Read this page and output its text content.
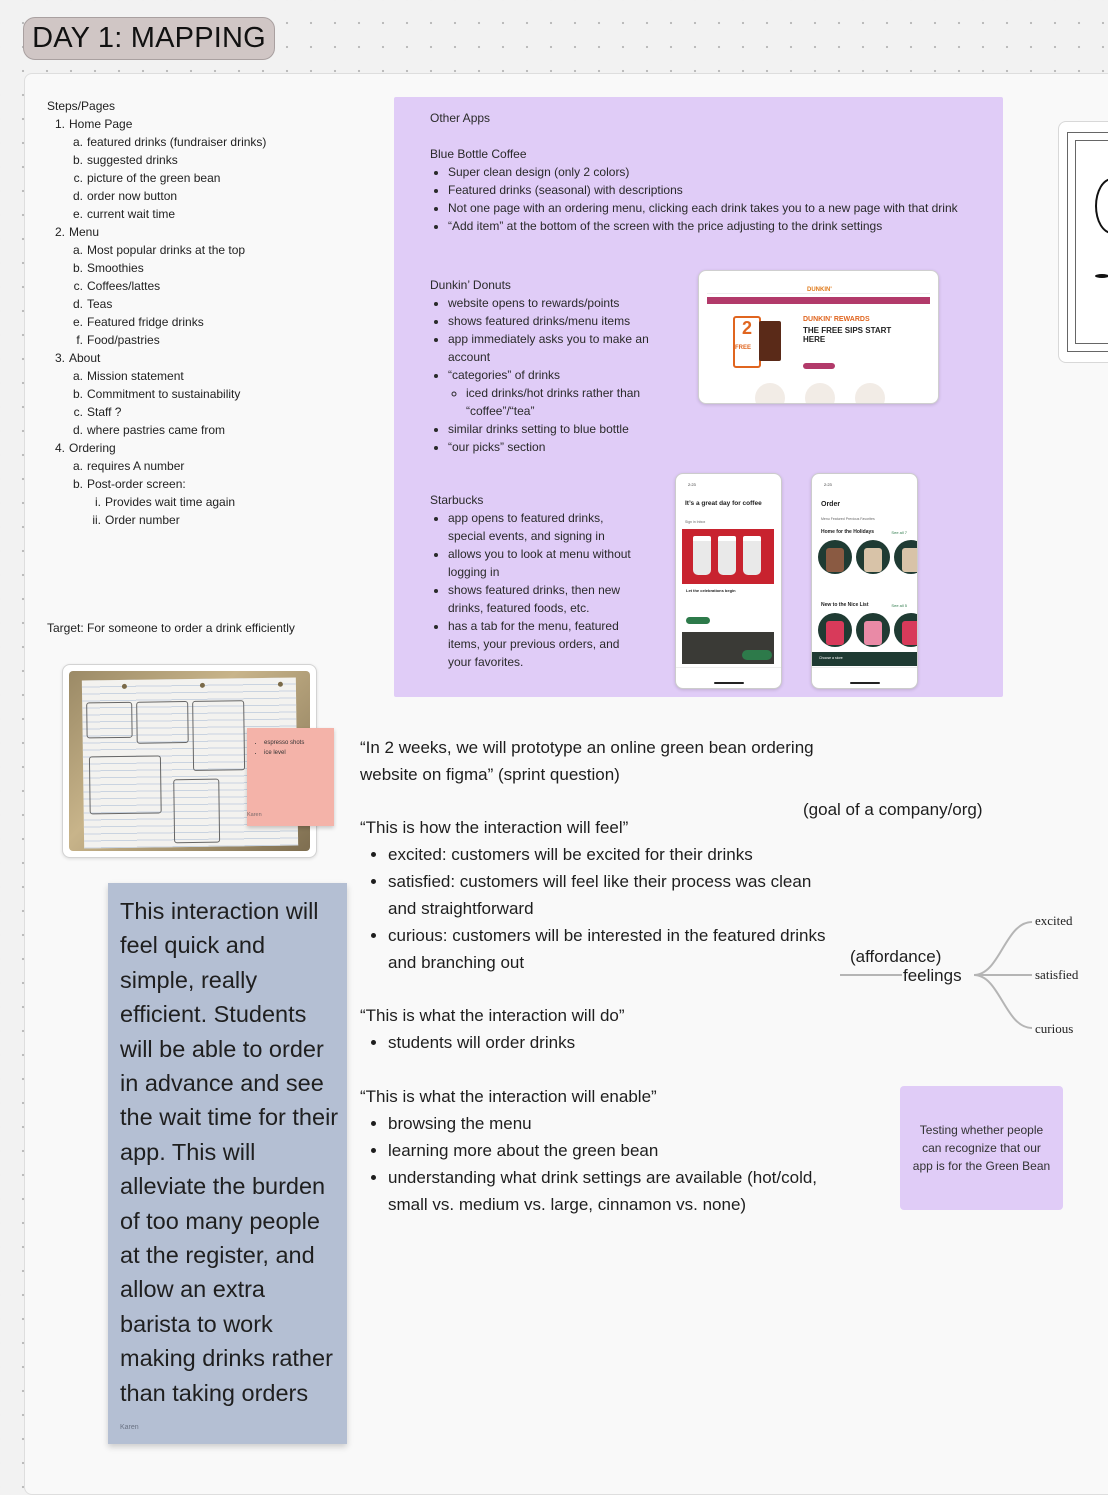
DAY 1: MAPPING
Steps/Pages
1. Home Page
a. featured drinks (fundraiser drinks)
b. suggested drinks
c. picture of the green bean
d. order now button
e. current wait time
2. Menu
a. Most popular drinks at the top
b. Smoothies
c. Coffees/lattes
d. Teas
e. Featured fridge drinks
f. Food/pastries
3. About
a. Mission statement
b. Commitment to sustainability
c. Staff ?
d. where pastries came from
4. Ordering
a. requires A number
b. Post-order screen:
i. Provides wait time again
ii. Order number
Target: For someone to order a drink efficiently
Other Apps
Blue Bottle Coffee
• Super clean design (only 2 colors)
• Featured drinks (seasonal) with descriptions
• Not one page with an ordering menu, clicking each drink takes you to a new page with that drink
• “Add item” at the bottom of the screen with the price adjusting to the drink settings
Dunkin’ Donuts
• website opens to rewards/points
• shows featured drinks/menu items
• app immediately asks you to make an account
• “categories” of drinks
◦ iced drinks/hot drinks rather than “coffee”/“tea”
• similar drinks setting to blue bottle
• “our picks” section
Starbucks
• app opens to featured drinks, special events, and signing in
• allows you to look at menu without logging in
• shows featured drinks, then new drinks, featured foods, etc.
• has a tab for the menu, featured items, your previous orders, and your favorites.
DUNKIN'
2
FREE
DUNKIN' REWARDS
THE FREE SIPS START HERE
2:23
It’s a great day for coffee
Sign in Inbox
Let the celebrations begin
2:23
Order
Menu Featured Previous Favorites
Home for the Holidays	See all 7
New to the Nice List	See all 5
Choose a store
• espresso shots
• ice level
Karen
This interaction will feel quick and simple, really efficient. Students will be able to order in advance and see the wait time for their app. This will alleviate the burden of too many people at the register, and allow an extra barista to work making drinks rather than taking orders
Karen
“In 2 weeks, we will prototype an online green bean ordering website on figma” (sprint question)
(goal of a company/org)
“This is how the interaction will feel”
• excited: customers will be excited for their drinks
• satisfied: customers will feel like their process was clean and straightforward
• curious: customers will be interested in the featured drinks and branching out
“This is what the interaction will do”
• students will order drinks
“This is what the interaction will enable”
• browsing the menu
• learning more about the green bean
• understanding what drink settings are available (hot/cold, small vs. medium vs. large, cinnamon vs. none)
(affordance)
feelings
excited
satisfied
curious
Testing whether people can recognize that our app is for the Green Bean
